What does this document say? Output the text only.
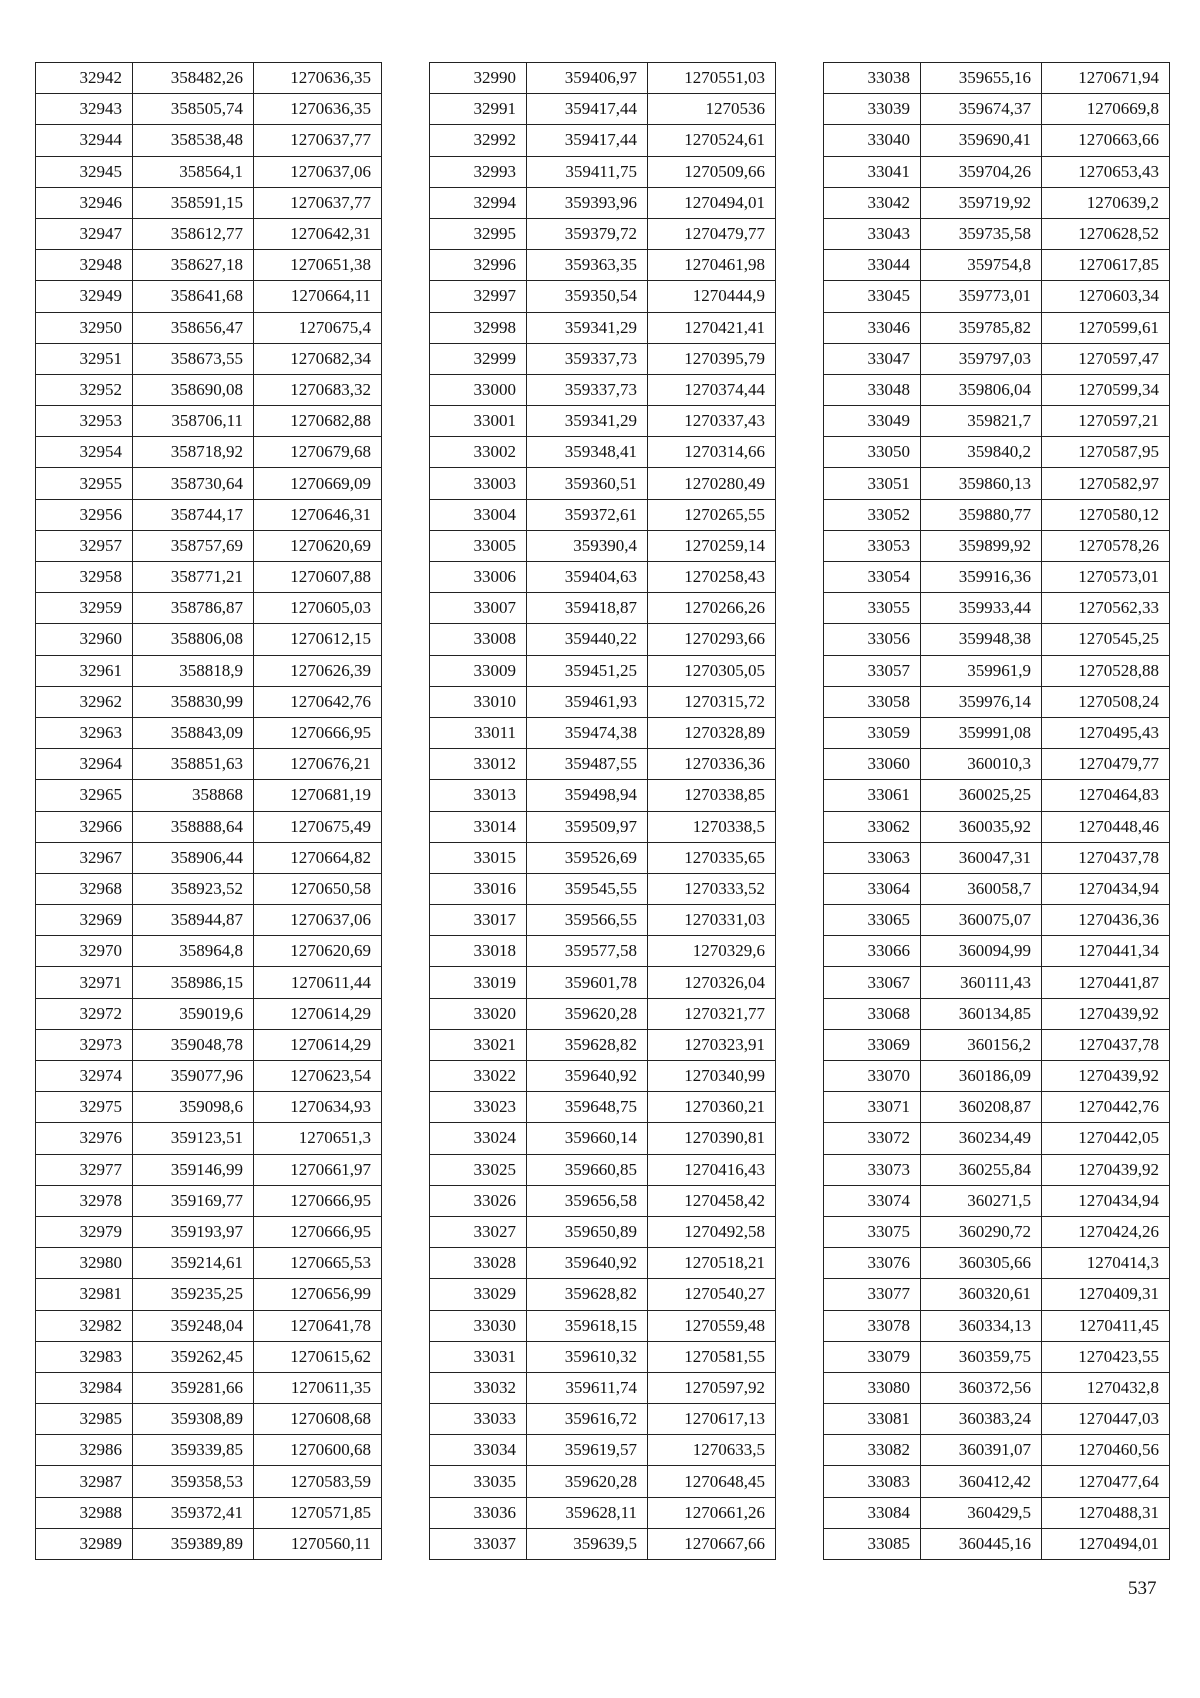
32942	358482,26	1270636,35
32943	358505,74	1270636,35
32944	358538,48	1270637,77
32945	358564,1	1270637,06
32946	358591,15	1270637,77
32947	358612,77	1270642,31
32948	358627,18	1270651,38
32949	358641,68	1270664,11
32950	358656,47	1270675,4
32951	358673,55	1270682,34
32952	358690,08	1270683,32
32953	358706,11	1270682,88
32954	358718,92	1270679,68
32955	358730,64	1270669,09
32956	358744,17	1270646,31
32957	358757,69	1270620,69
32958	358771,21	1270607,88
32959	358786,87	1270605,03
32960	358806,08	1270612,15
32961	358818,9	1270626,39
32962	358830,99	1270642,76
32963	358843,09	1270666,95
32964	358851,63	1270676,21
32965	358868	1270681,19
32966	358888,64	1270675,49
32967	358906,44	1270664,82
32968	358923,52	1270650,58
32969	358944,87	1270637,06
32970	358964,8	1270620,69
32971	358986,15	1270611,44
32972	359019,6	1270614,29
32973	359048,78	1270614,29
32974	359077,96	1270623,54
32975	359098,6	1270634,93
32976	359123,51	1270651,3
32977	359146,99	1270661,97
32978	359169,77	1270666,95
32979	359193,97	1270666,95
32980	359214,61	1270665,53
32981	359235,25	1270656,99
32982	359248,04	1270641,78
32983	359262,45	1270615,62
32984	359281,66	1270611,35
32985	359308,89	1270608,68
32986	359339,85	1270600,68
32987	359358,53	1270583,59
32988	359372,41	1270571,85
32989	359389,89	1270560,11
32990	359406,97	1270551,03
32991	359417,44	1270536
32992	359417,44	1270524,61
32993	359411,75	1270509,66
32994	359393,96	1270494,01
32995	359379,72	1270479,77
32996	359363,35	1270461,98
32997	359350,54	1270444,9
32998	359341,29	1270421,41
32999	359337,73	1270395,79
33000	359337,73	1270374,44
33001	359341,29	1270337,43
33002	359348,41	1270314,66
33003	359360,51	1270280,49
33004	359372,61	1270265,55
33005	359390,4	1270259,14
33006	359404,63	1270258,43
33007	359418,87	1270266,26
33008	359440,22	1270293,66
33009	359451,25	1270305,05
33010	359461,93	1270315,72
33011	359474,38	1270328,89
33012	359487,55	1270336,36
33013	359498,94	1270338,85
33014	359509,97	1270338,5
33015	359526,69	1270335,65
33016	359545,55	1270333,52
33017	359566,55	1270331,03
33018	359577,58	1270329,6
33019	359601,78	1270326,04
33020	359620,28	1270321,77
33021	359628,82	1270323,91
33022	359640,92	1270340,99
33023	359648,75	1270360,21
33024	359660,14	1270390,81
33025	359660,85	1270416,43
33026	359656,58	1270458,42
33027	359650,89	1270492,58
33028	359640,92	1270518,21
33029	359628,82	1270540,27
33030	359618,15	1270559,48
33031	359610,32	1270581,55
33032	359611,74	1270597,92
33033	359616,72	1270617,13
33034	359619,57	1270633,5
33035	359620,28	1270648,45
33036	359628,11	1270661,26
33037	359639,5	1270667,66
33038	359655,16	1270671,94
33039	359674,37	1270669,8
33040	359690,41	1270663,66
33041	359704,26	1270653,43
33042	359719,92	1270639,2
33043	359735,58	1270628,52
33044	359754,8	1270617,85
33045	359773,01	1270603,34
33046	359785,82	1270599,61
33047	359797,03	1270597,47
33048	359806,04	1270599,34
33049	359821,7	1270597,21
33050	359840,2	1270587,95
33051	359860,13	1270582,97
33052	359880,77	1270580,12
33053	359899,92	1270578,26
33054	359916,36	1270573,01
33055	359933,44	1270562,33
33056	359948,38	1270545,25
33057	359961,9	1270528,88
33058	359976,14	1270508,24
33059	359991,08	1270495,43
33060	360010,3	1270479,77
33061	360025,25	1270464,83
33062	360035,92	1270448,46
33063	360047,31	1270437,78
33064	360058,7	1270434,94
33065	360075,07	1270436,36
33066	360094,99	1270441,34
33067	360111,43	1270441,87
33068	360134,85	1270439,92
33069	360156,2	1270437,78
33070	360186,09	1270439,92
33071	360208,87	1270442,76
33072	360234,49	1270442,05
33073	360255,84	1270439,92
33074	360271,5	1270434,94
33075	360290,72	1270424,26
33076	360305,66	1270414,3
33077	360320,61	1270409,31
33078	360334,13	1270411,45
33079	360359,75	1270423,55
33080	360372,56	1270432,8
33081	360383,24	1270447,03
33082	360391,07	1270460,56
33083	360412,42	1270477,64
33084	360429,5	1270488,31
33085	360445,16	1270494,01
537
